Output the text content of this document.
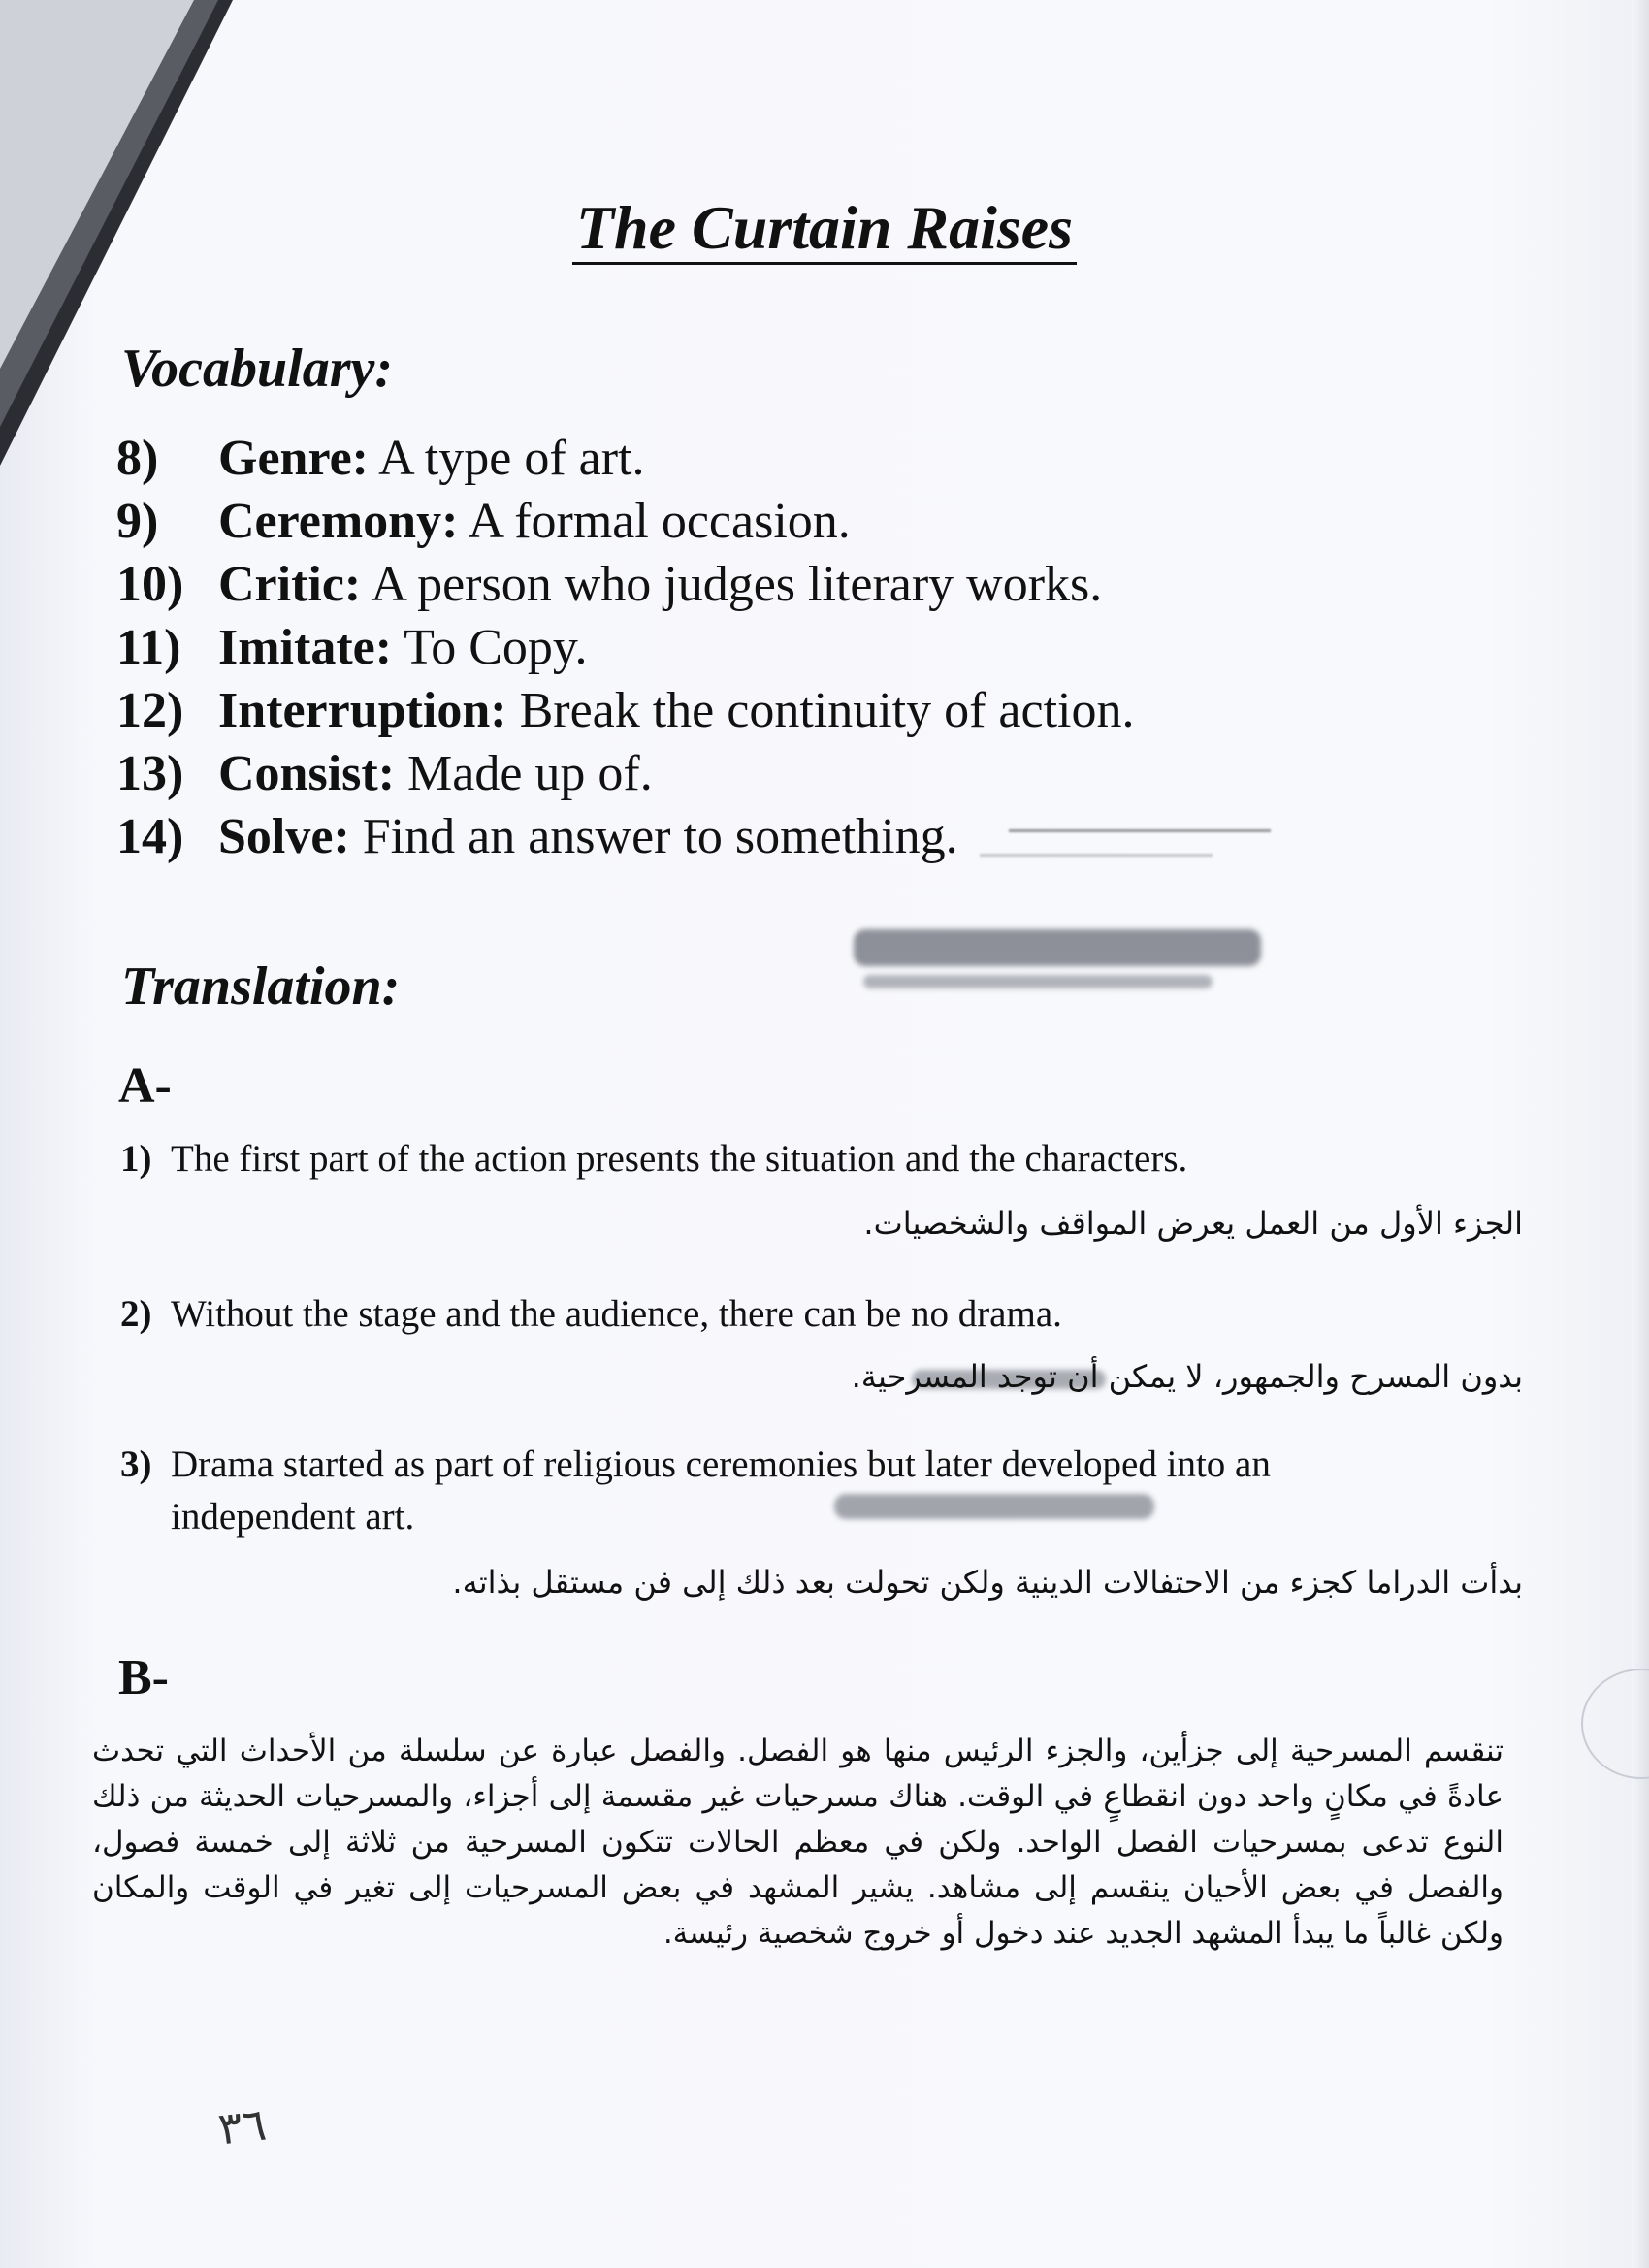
The Curtain Raises
Vocabulary:
8) Genre: A type of art.
9) Ceremony: A formal occasion.
10) Critic: A person who judges literary works.
11) Imitate: To Copy.
12) Interruption: Break the continuity of action.
13) Consist: Made up of.
14) Solve: Find an answer to something.
Translation:
A-
1) The first part of the action presents the situation and the characters.
الجزء الأول من العمل يعرض المواقف والشخصيات.
2) Without the stage and the audience, there can be no drama.
بدون المسرح والجمهور، لا يمكن أن توجد المسرحية.
3) Drama started as part of religious ceremonies but later developed into an
independent art.
بدأت الدراما كجزء من الاحتفالات الدينية ولكن تحولت بعد ذلك إلى فن مستقل بذاته.
B-
تنقسم المسرحية إلى جزأين، والجزء الرئيس منها هو الفصل. والفصل عبارة عن سلسلة من الأحداث التي تحدث عادةً في مكانٍ واحد دون انقطاعٍ في الوقت. هناك مسرحيات غير مقسمة إلى أجزاء، والمسرحيات الحديثة من ذلك النوع تدعى بمسرحيات الفصل الواحد. ولكن في معظم الحالات تتكون المسرحية من ثلاثة إلى خمسة فصول، والفصل في بعض الأحيان ينقسم إلى مشاهد. يشير المشهد في بعض المسرحيات إلى تغير في الوقت والمكان ولكن غالباً ما يبدأ المشهد الجديد عند دخول أو خروج شخصية رئيسة.
٣٦
